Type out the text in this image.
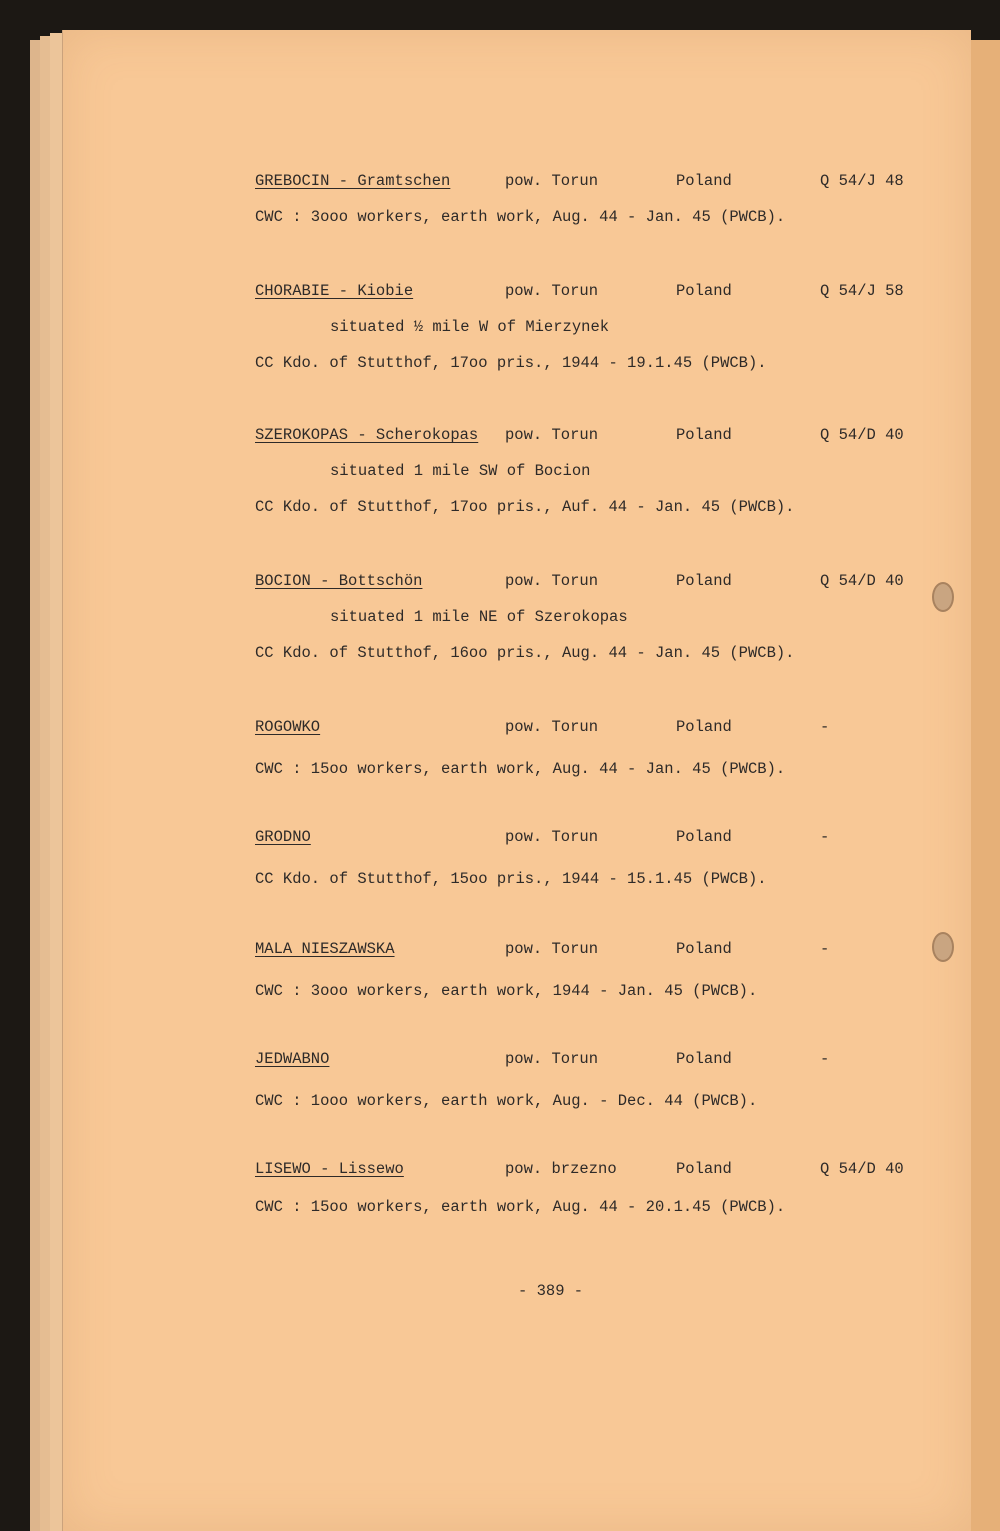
GREBOCIN - Gramtschen	pow. Torun	Poland	Q 54/J 48
CWC : 3ooo workers, earth work, Aug. 44 - Jan. 45 (PWCB).
CHORABIE - Kiobie	pow. Torun	Poland	Q 54/J 58
situated ½ mile W of Mierzynek
CC Kdo. of Stutthof, 17oo pris., 1944 - 19.1.45 (PWCB).
SZEROKOPAS - Scherokopas pow. Torun	Poland	Q 54/D 40
situated 1 mile SW of Bocion
CC Kdo. of Stutthof, 17oo pris., Auf. 44 - Jan. 45 (PWCB).
BOCION - Bottschön	pow. Torun	Poland	Q 54/D 40
situated 1 mile NE of Szerokopas
CC Kdo. of Stutthof, 16oo pris., Aug. 44 - Jan. 45 (PWCB).
ROGOWKO	pow. Torun	Poland	-
CWC : 15oo workers, earth work, Aug. 44 - Jan. 45 (PWCB).
GRODNO	pow. Torun	Poland	-
CC Kdo. of Stutthof, 15oo pris., 1944 - 15.1.45 (PWCB).
MALA NIESZAWSKA	pow. Torun	Poland	-
CWC : 3ooo workers, earth work, 1944 - Jan. 45 (PWCB).
JEDWABNO	pow. Torun	Poland	-
CWC : 1ooo workers, earth work, Aug. - Dec. 44 (PWCB).
LISEWO - Lissewo	pow. brzezno	Poland	Q 54/D 40
CWC : 15oo workers, earth work, Aug. 44 - 20.1.45 (PWCB).
- 389 -
